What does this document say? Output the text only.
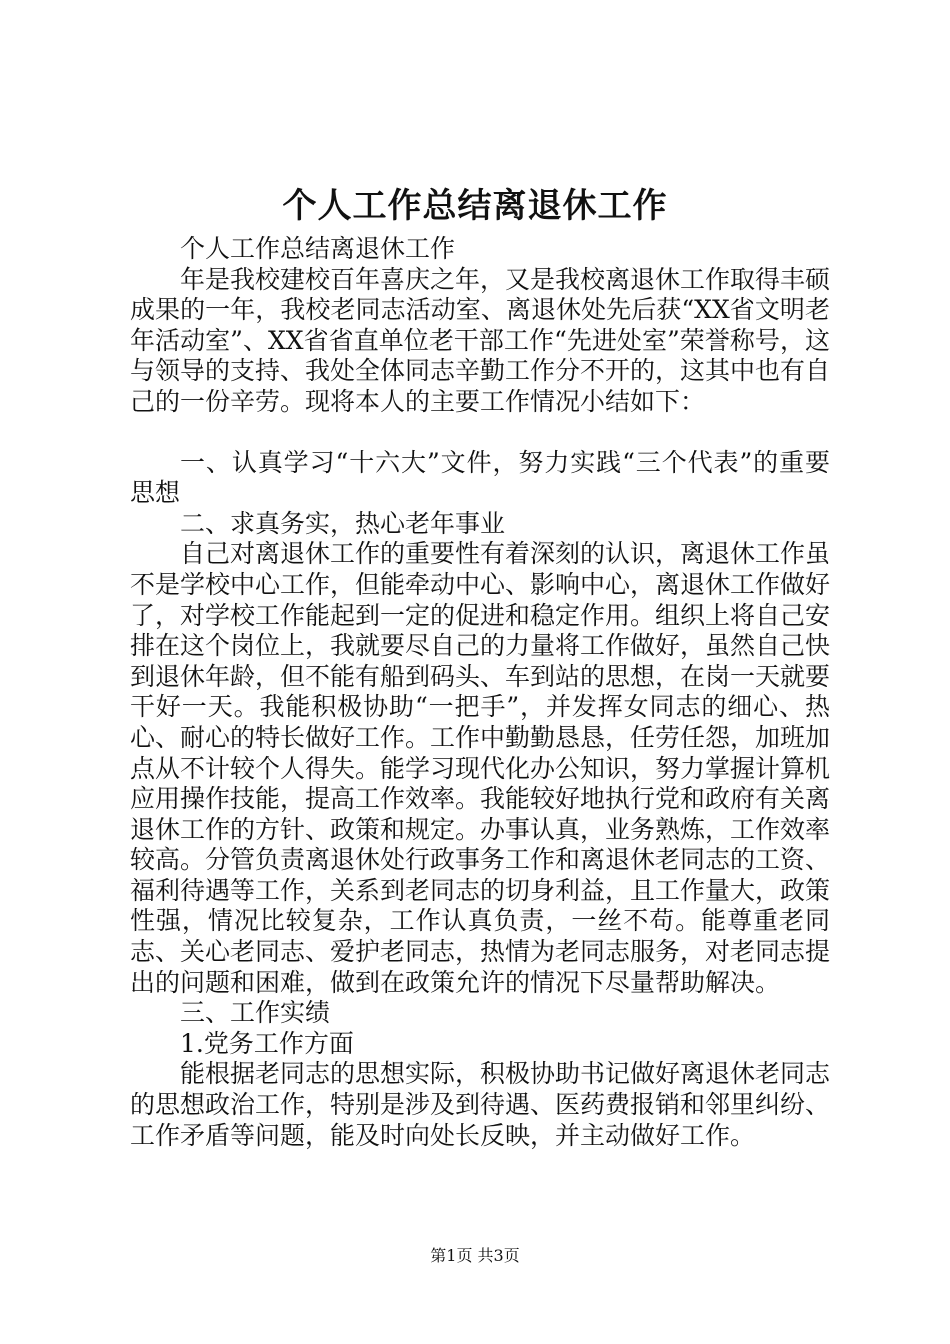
个人工作总结离退休工作

个人工作总结离退休工作

年是我校建校百年喜庆之年，又是我校离退休工作取得丰硕成果的一年，我校老同志活动室、离退休处先后获“XX省文明老年活动室”、XX省省直单位老干部工作“先进处室”荣誉称号，这与领导的支持、我处全体同志辛勤工作分不开的，这其中也有自己的一份辛劳。现将本人的主要工作情况小结如下：

一、认真学习“十六大”文件，努力实践“三个代表”的重要思想

二、求真务实，热心老年事业

自己对离退休工作的重要性有着深刻的认识，离退休工作虽不是学校中心工作，但能牵动中心、影响中心，离退休工作做好了，对学校工作能起到一定的促进和稳定作用。组织上将自己安排在这个岗位上，我就要尽自己的力量将工作做好，虽然自己快到退休年龄，但不能有船到码头、车到站的思想，在岗一天就要干好一天。我能积极协助“一把手”，并发挥女同志的细心、热心、耐心的特长做好工作。工作中勤勤恳恳，任劳任怨，加班加点从不计较个人得失。能学习现代化办公知识，努力掌握计算机应用操作技能，提高工作效率。我能较好地执行党和政府有关离退休工作的方针、政策和规定。办事认真，业务熟炼，工作效率较高。分管负责离退休处行政事务工作和离退休老同志的工资、福利待遇等工作，关系到老同志的切身利益，且工作量大，政策性强，情况比较复杂，工作认真负责，一丝不苟。能尊重老同志、关心老同志、爱护老同志，热情为老同志服务，对老同志提出的问题和困难，做到在政策允许的情况下尽量帮助解决。

三、工作实绩

1.党务工作方面

能根据老同志的思想实际，积极协助书记做好离退休老同志的思想政治工作，特别是涉及到待遇、医药费报销和邻里纠纷、工作矛盾等问题，能及时向处长反映，并主动做好工作。

第1页 共3页
